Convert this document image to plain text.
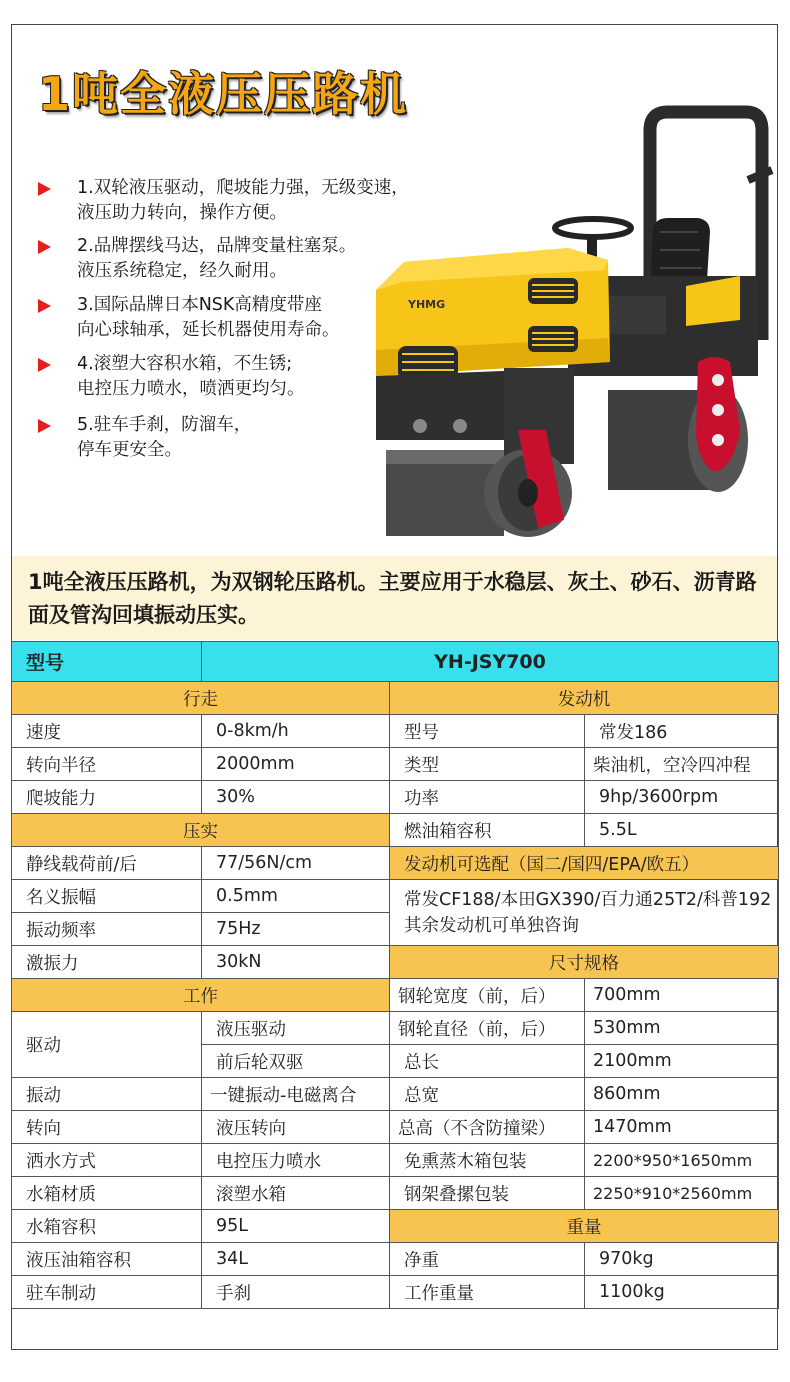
1吨全液压压路机
1.双轮液压驱动，爬坡能力强，无级变速，
液压助力转向，操作方便。
2.品牌摆线马达，品牌变量柱塞泵。
液压系统稳定，经久耐用。
3.国际品牌日本NSK高精度带座
向心球轴承，延长机器使用寿命。
4.滚塑大容积水箱，不生锈;
电控压力喷水，喷洒更均匀。
5.驻车手刹，防溜车，
停车更安全。
YHMG

1吨全液压压路机，为双钢轮压路机。主要应用于水稳层、灰土、砂石、沥青路面及管沟回填振动压实。

型号	YH-JSY700		
行走		发动机	
速度	0-8km/h	型号	常发186
转向半径	2000mm	类型	柴油机，空冷四冲程
爬坡能力	30%	功率	9hp/3600rpm
压实		燃油箱容积	5.5L
静线载荷前/后	77/56N/cm	发动机可选配（国二/国四/EPA/欧五）	
名义振幅	0.5mm	常发CF188/本田GX390/百力通25T2/科普192 其余发动机可单独咨询	
振动频率	75Hz		
激振力	30kN	尺寸规格	
工作		钢轮宽度（前，后）	700mm
驱动	液压驱动	钢轮直径（前，后）	530mm
	前后轮双驱	总长	2100mm
振动	一键振动-电磁离合	总宽	860mm
转向	液压转向	总高（不含防撞梁）	1470mm
洒水方式	电控压力喷水	免熏蒸木箱包装	2200*950*1650mm
水箱材质	滚塑水箱	钢架叠摞包装	2250*910*2560mm
水箱容积	95L	重量	
液压油箱容积	34L	净重	970kg
驻车制动	手刹	工作重量	1100kg
